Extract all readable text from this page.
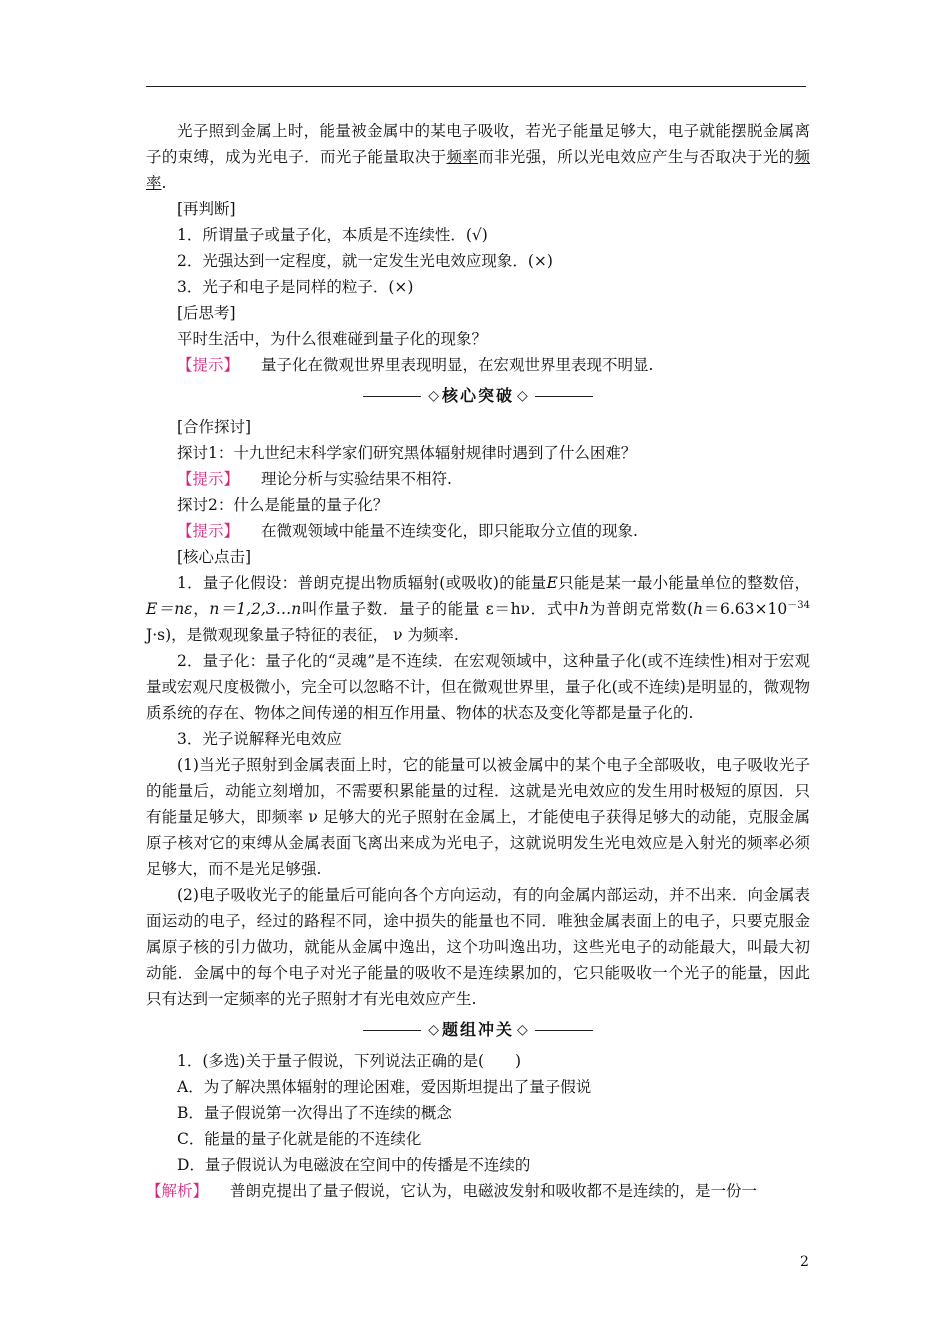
光子照到金属上时，能量被金属中的某电子吸收，若光子能量足够大，电子就能摆脱金属离子的束缚，成为光电子．而光子能量取决于频率而非光强，所以光电效应产生与否取决于光的频率.

[再判断]

1．所谓量子或量子化，本质是不连续性．(√)

2．光强达到一定程度，就一定发生光电效应现象．(×)

3．光子和电子是同样的粒子．(×)

[后思考]

平时生活中，为什么很难碰到量子化的现象？

【提示】 量子化在微观世界里表现明显，在宏观世界里表现不明显.

◇ 核心突破 ◇

[合作探讨]

探讨1：十九世纪末科学家们研究黑体辐射规律时遇到了什么困难？

【提示】 理论分析与实验结果不相符.

探讨2：什么是能量的量子化？

【提示】 在微观领域中能量不连续变化，即只能取分立值的现象.

[核心点击]

1．量子化假设：普朗克提出物质辐射(或吸收)的能量E只能是某一最小能量单位的整数倍，E＝nε，n＝1,2,3…n叫作量子数．量子的能量 ε＝hν．式中h为普朗克常数($h=6.63\times 10^{-34}$ J·s)，是微观现象量子特征的表征， ν 为频率.

2．量子化：量子化的“灵魂”是不连续．在宏观领域中，这种量子化(或不连续性)相对于宏观量或宏观尺度极微小，完全可以忽略不计，但在微观世界里，量子化(或不连续)是明显的，微观物质系统的存在、物体之间传递的相互作用量、物体的状态及变化等都是量子化的.

3．光子说解释光电效应

(1)当光子照射到金属表面上时，它的能量可以被金属中的某个电子全部吸收，电子吸收光子的能量后，动能立刻增加，不需要积累能量的过程．这就是光电效应的发生用时极短的原因．只有能量足够大，即频率 ν 足够大的光子照射在金属上，才能使电子获得足够大的动能，克服金属原子核对它的束缚从金属表面飞离出来成为光电子，这就说明发生光电效应是入射光的频率必须足够大，而不是光足够强.

(2)电子吸收光子的能量后可能向各个方向运动，有的向金属内部运动，并不出来．向金属表面运动的电子，经过的路程不同，途中损失的能量也不同．唯独金属表面上的电子，只要克服金属原子核的引力做功，就能从金属中逸出，这个功叫逸出功，这些光电子的动能最大，叫最大初动能．金属中的每个电子对光子能量的吸收不是连续累加的，它只能吸收一个光子的能量，因此只有达到一定频率的光子照射才有光电效应产生.

◇ 题组冲关 ◇

1．(多选)关于量子假说，下列说法正确的是(　　)

A．为了解决黑体辐射的理论困难，爱因斯坦提出了量子假说

B．量子假说第一次得出了不连续的概念

C．能量的量子化就是能的不连续化

D．量子假说认为电磁波在空间中的传播是不连续的

【解析】 普朗克提出了量子假说，它认为，电磁波发射和吸收都不是连续的，是一份一

2
